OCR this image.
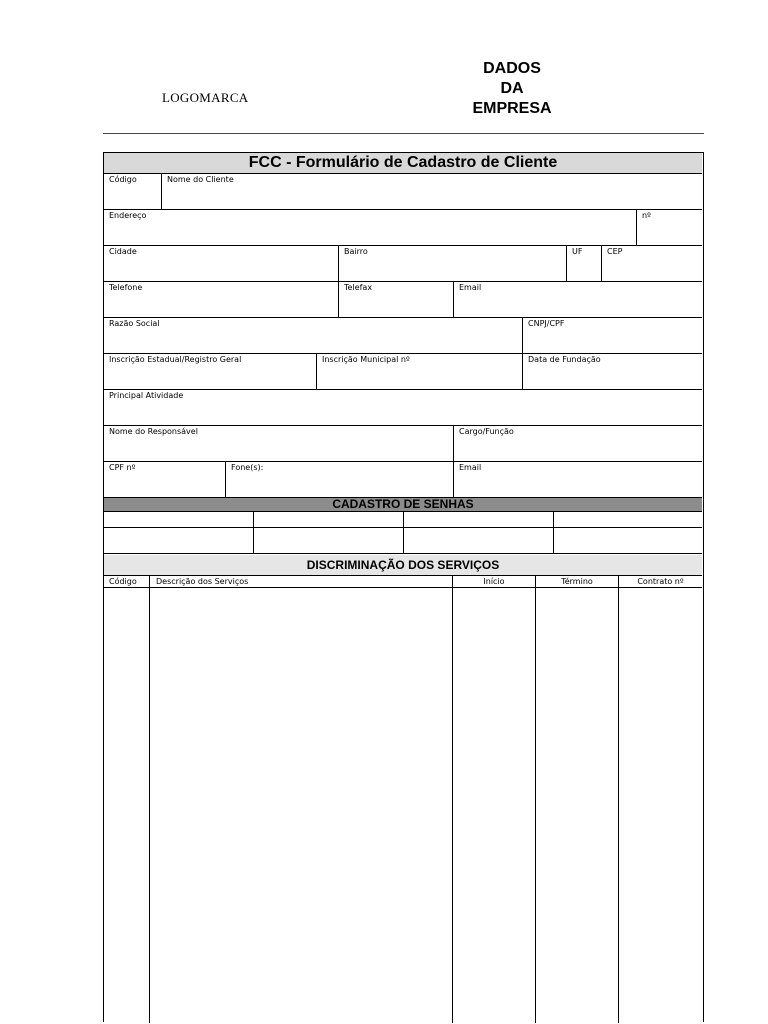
LOGOMARCA
DADOS
DA
EMPRESA
FCC - Formulário de Cadastro de Cliente
Código	Nome do Cliente
Endereço	nº
Cidade	Bairro	UF	CEP
Telefone	Telefax	Email
Razão Social	CNPJ/CPF
Inscrição Estadual/Registro Geral	Inscrição Municipal nº	Data de Fundação
Principal Atividade
Nome do Responsável	Cargo/Função
CPF nº	Fone(s):	Email
CADASTRO DE SENHAS
DISCRIMINAÇÃO DOS SERVIÇOS
Código	Descrição dos Serviços	Início	Término	Contrato nº
